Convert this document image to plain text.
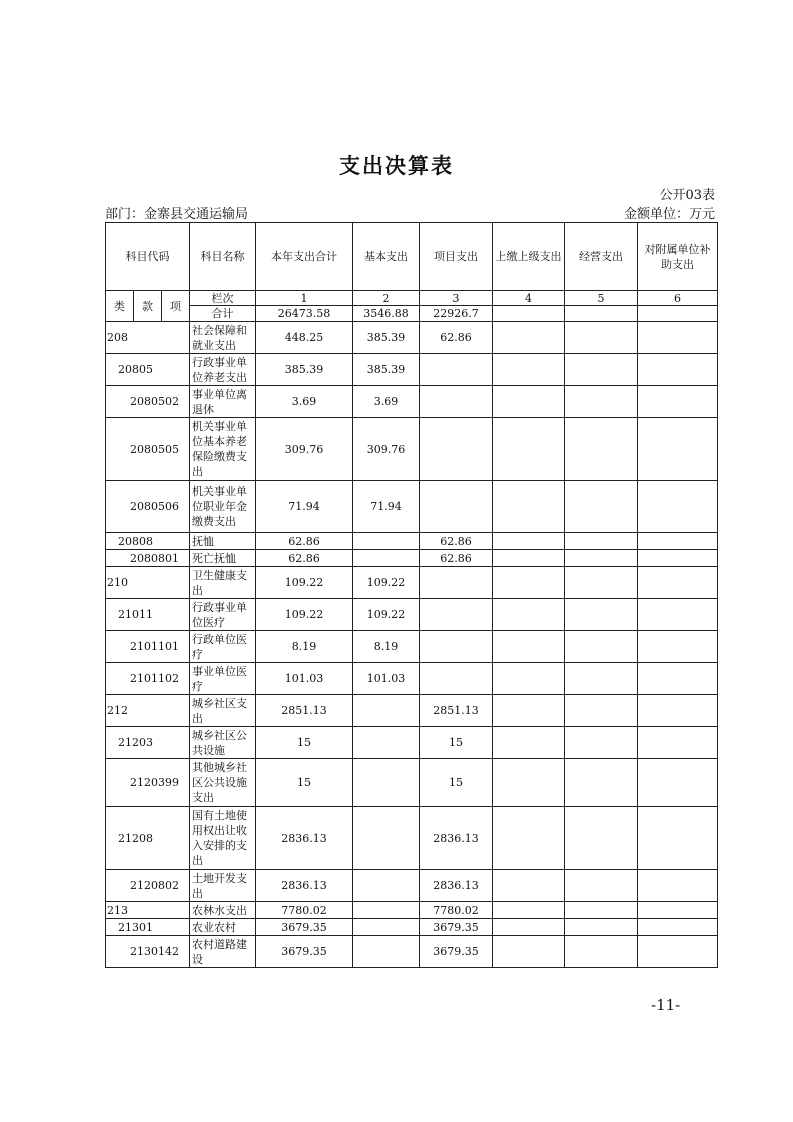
支出决算表
公开03表
部门：金寨县交通运输局	金额单位：万元
科目代码			科目名称	本年支出合计	基本支出	项目支出	上缴上级支出	经营支出	对附属单位补助支出
类	款	项	栏次	1	2	3	4	5	6
			合计	26473.58	3546.88	22926.7			
208			社会保障和就业支出	448.25	385.39	62.86			
20805			行政事业单位养老支出	385.39	385.39				
2080502			事业单位离退休	3.69	3.69				
2080505			机关事业单位基本养老保险缴费支出	309.76	309.76				
2080506			机关事业单位职业年金缴费支出	71.94	71.94				
20808			抚恤	62.86		62.86			
2080801			死亡抚恤	62.86		62.86			
210			卫生健康支出	109.22	109.22				
21011			行政事业单位医疗	109.22	109.22				
2101101			行政单位医疗	8.19	8.19				
2101102			事业单位医疗	101.03	101.03				
212			城乡社区支出	2851.13		2851.13			
21203			城乡社区公共设施	15		15			
2120399			其他城乡社区公共设施支出	15		15			
21208			国有土地使用权出让收入安排的支出	2836.13		2836.13			
2120802			土地开发支出	2836.13		2836.13			
213			农林水支出	7780.02		7780.02			
21301			农业农村	3679.35		3679.35			
2130142			农村道路建设	3679.35		3679.35			
-11-
